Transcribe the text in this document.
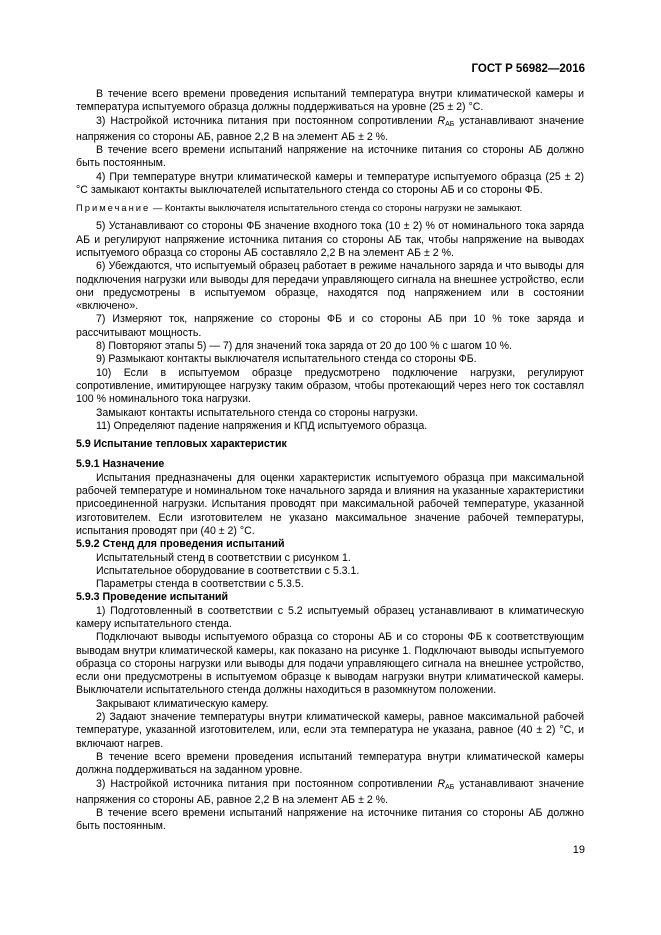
ГОСТ Р 56982—2016

В течение всего времени проведения испытаний температура внутри климатической камеры и температура испытуемого образца должны поддерживаться на уровне (25 ± 2) °С.

3) Настройкой источника питания при постоянном сопротивлении $R_{АБ}$ устанавливают значение напряжения со стороны АБ, равное 2,2 В на элемент АБ ± 2 %.

В течение всего времени испытаний напряжение на источнике питания со стороны АБ должно быть постоянным.

4) При температуре внутри климатической камеры и температуре испытуемого образца (25 ± 2) °С замыкают контакты выключателей испытательного стенда со стороны АБ и со стороны ФБ.

Примечание — Контакты выключателя испытательного стенда со стороны нагрузки не замыкают.

5) Устанавливают со стороны ФБ значение входного тока (10 ± 2) % от номинального тока заряда АБ и регулируют напряжение источника питания со стороны АБ так, чтобы напряжение на выводах испытуемого образца со стороны АБ составляло 2,2 В на элемент АБ ± 2 %.

6) Убеждаются, что испытуемый образец работает в режиме начального заряда и что выводы для подключения нагрузки или выводы для передачи управляющего сигнала на внешнее устройство, если они предусмотрены в испытуемом образце, находятся под напряжением или в состоянии «включено».

7) Измеряют ток, напряжение со стороны ФБ и со стороны АБ при 10 % токе заряда и рассчитывают мощность.

8) Повторяют этапы 5) — 7) для значений тока заряда от 20 до 100 % с шагом 10 %.

9) Размыкают контакты выключателя испытательного стенда со стороны ФБ.

10) Если в испытуемом образце предусмотрено подключение нагрузки, регулируют сопротивление, имитирующее нагрузку таким образом, чтобы протекающий через него ток составлял 100 % номинального тока нагрузки.

Замыкают контакты испытательного стенда со стороны нагрузки.

11) Определяют падение напряжения и КПД испытуемого образца.

5.9 Испытание тепловых характеристик

5.9.1 Назначение

Испытания предназначены для оценки характеристик испытуемого образца при максимальной рабочей температуре и номинальном токе начального заряда и влияния на указанные характеристики присоединенной нагрузки. Испытания проводят при максимальной рабочей температуре, указанной изготовителем. Если изготовителем не указано максимальное значение рабочей температуры, испытания проводят при (40 ± 2) °С.

5.9.2 Стенд для проведения испытаний

Испытательный стенд в соответствии с рисунком 1.

Испытательное оборудование в соответствии с 5.3.1.

Параметры стенда в соответствии с 5.3.5.

5.9.3 Проведение испытаний

1) Подготовленный в соответствии с 5.2 испытуемый образец устанавливают в климатическую камеру испытательного стенда.

Подключают выводы испытуемого образца со стороны АБ и со стороны ФБ к соответствующим выводам внутри климатической камеры, как показано на рисунке 1. Подключают выводы испытуемого образца со стороны нагрузки или выводы для подачи управляющего сигнала на внешнее устройство, если они предусмотрены в испытуемом образце к выводам нагрузки внутри климатической камеры. Выключатели испытательного стенда должны находиться в разомкнутом положении.

Закрывают климатическую камеру.

2) Задают значение температуры внутри климатической камеры, равное максимальной рабочей температуре, указанной изготовителем, или, если эта температура не указана, равное (40 ± 2) °С, и включают нагрев.

В течение всего времени проведения испытаний температура внутри климатической камеры должна поддерживаться на заданном уровне.

3) Настройкой источника питания при постоянном сопротивлении $R_{АБ}$ устанавливают значение напряжения со стороны АБ, равное 2,2 В на элемент АБ ± 2 %.

В течение всего времени испытаний напряжение на источнике питания со стороны АБ должно быть постоянным.

19
